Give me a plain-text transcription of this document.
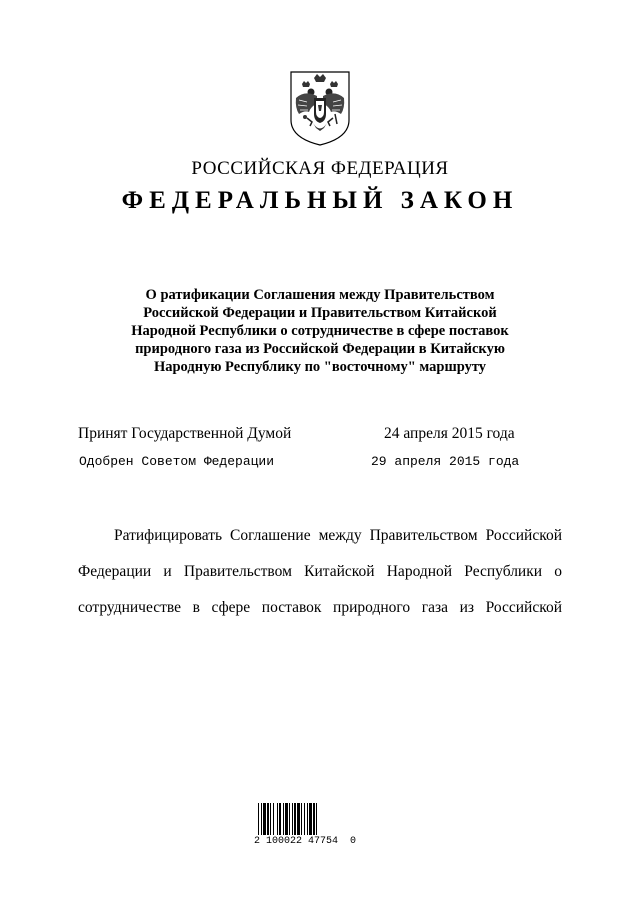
РОССИЙСКАЯ ФЕДЕРАЦИЯ
ФЕДЕРАЛЬНЫЙ ЗАКОН
О ратификации Соглашения между Правительством
Российской Федерации и Правительством Китайской
Народной Республики о сотрудничестве в сфере поставок
природного газа из Российской Федерации в Китайскую
Народную Республику по "восточному" маршруту
Принят Государственной Думой	24 апреля 2015 года
Одобрен Советом Федерации	29 апреля 2015 года
Ратифицировать Соглашение между Правительством Российской
Федерации и Правительством Китайской Народной Республики о
сотрудничестве в сфере поставок природного газа из Российской
2 100022 47754  0
